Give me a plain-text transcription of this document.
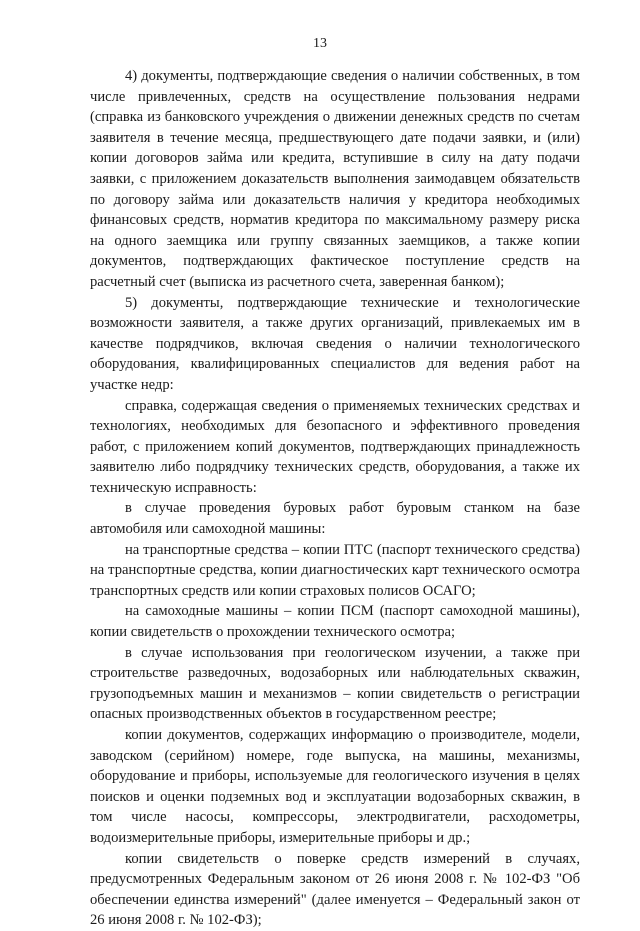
13

4) документы, подтверждающие сведения о наличии собственных, в том числе привлеченных, средств на осуществление пользования недрами (справка из банковского учреждения о движении денежных средств по счетам заявителя в течение месяца, предшествующего дате подачи заявки, и (или) копии договоров займа или кредита, вступившие в силу на дату подачи заявки, с приложением доказательств выполнения заимодавцем обязательств по договору займа или доказательств наличия у кредитора необходимых финансовых средств, норматив кредитора по максимальному размеру риска на одного заемщика или группу связанных заемщиков, а также копии документов, подтверждающих фактическое поступление средств на расчетный счет (выписка из расчетного счета, заверенная банком);

5) документы, подтверждающие технические и технологические возможности заявителя, а также других организаций, привлекаемых им в качестве подрядчиков, включая сведения о наличии технологического оборудования, квалифицированных специалистов для ведения работ на участке недр:

справка, содержащая сведения о применяемых технических средствах и технологиях, необходимых для безопасного и эффективного проведения работ, с приложением копий документов, подтверждающих принадлежность заявителю либо подрядчику технических средств, оборудования, а также их техническую исправность:

в случае проведения буровых работ буровым станком на базе автомобиля или самоходной машины:

на транспортные средства – копии ПТС (паспорт технического средства) на транспортные средства, копии диагностических карт технического осмотра транспортных средств или копии страховых полисов ОСАГО;

на самоходные машины – копии ПСМ (паспорт самоходной машины), копии свидетельств о прохождении технического осмотра;

в случае использования при геологическом изучении, а также при строительстве разведочных, водозаборных или наблюдательных скважин, грузоподъемных машин и механизмов – копии свидетельств о регистрации опасных производственных объектов в государственном реестре;

копии документов, содержащих информацию о производителе, модели, заводском (серийном) номере, годе выпуска, на машины, механизмы, оборудование и приборы, используемые для геологического изучения в целях поисков и оценки подземных вод и эксплуатации водозаборных скважин, в том числе насосы, компрессоры, электродвигатели, расходометры, водоизмерительные приборы, измерительные приборы и др.;

копии свидетельств о поверке средств измерений в случаях, предусмотренных Федеральным законом от 26 июня 2008 г. № 102-ФЗ "Об обеспечении единства измерений" (далее именуется – Федеральный закон от 26 июня 2008 г. № 102-ФЗ);
